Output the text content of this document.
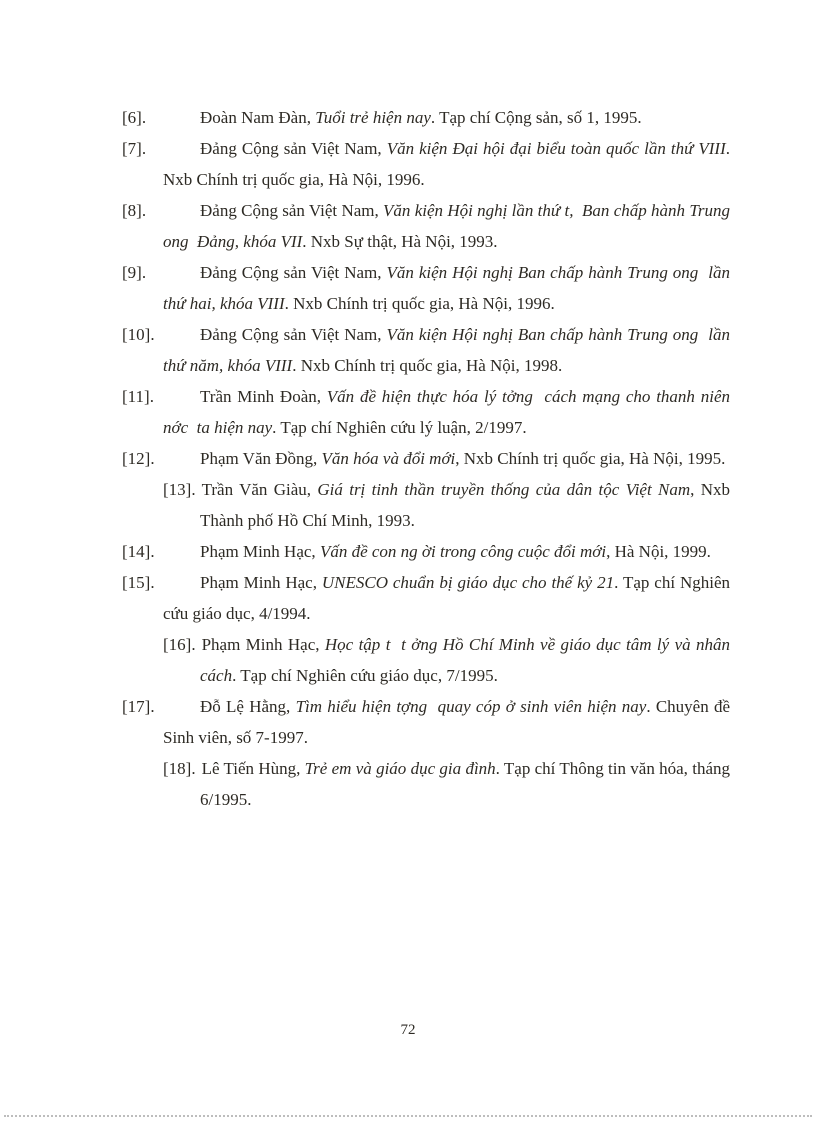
[6].	Đoàn Nam Đàn, Tuổi trẻ hiện nay. Tạp chí Cộng sản, số 1, 1995.

[7].	Đảng Cộng sản Việt Nam, Văn kiện Đại hội đại biểu toàn quốc lần thứ VIII. Nxb Chính trị quốc gia, Hà Nội, 1996.

[8].	Đảng Cộng sản Việt Nam, Văn kiện Hội nghị lần thứ t,  Ban chấp hành Trung ong  Đảng, khóa VII. Nxb Sự thật, Hà Nội, 1993.

[9].	Đảng Cộng sản Việt Nam, Văn kiện Hội nghị Ban chấp hành Trung ong  lần thứ hai, khóa VIII. Nxb Chính trị quốc gia, Hà Nội, 1996.

[10].	Đảng Cộng sản Việt Nam, Văn kiện Hội nghị Ban chấp hành Trung ong  lần thứ năm, khóa VIII. Nxb Chính trị quốc gia, Hà Nội, 1998.

[11].	Trần Minh Đoàn, Vấn đề hiện thực hóa lý tởng  cách mạng cho thanh niên nớc  ta hiện nay. Tạp chí Nghiên cứu lý luận, 2/1997.

[12].	Phạm Văn Đồng, Văn hóa và đổi mới, Nxb Chính trị quốc gia, Hà Nội, 1995.

[13]. Trần Văn Giàu, Giá trị tinh thần truyền thống của dân tộc Việt Nam, Nxb Thành phố Hồ Chí Minh, 1993.

[14].	Phạm Minh Hạc, Vấn đề con ng ời trong công cuộc đổi mới, Hà Nội, 1999.

[15].	Phạm Minh Hạc, UNESCO chuẩn bị giáo dục cho thế kỷ 21. Tạp chí Nghiên cứu giáo dục, 4/1994.

[16]. Phạm Minh Hạc, Học tập t  t ởng Hồ Chí Minh về giáo dục tâm lý và nhân cách. Tạp chí Nghiên cứu giáo dục, 7/1995.

[17].	Đỗ Lệ Hằng, Tìm hiểu hiện tợng  quay cóp ở sinh viên hiện nay. Chuyên đề Sinh viên, số 7-1997.

[18]. Lê Tiến Hùng, Trẻ em và giáo dục gia đình. Tạp chí Thông tin văn hóa, tháng 6/1995.

72
